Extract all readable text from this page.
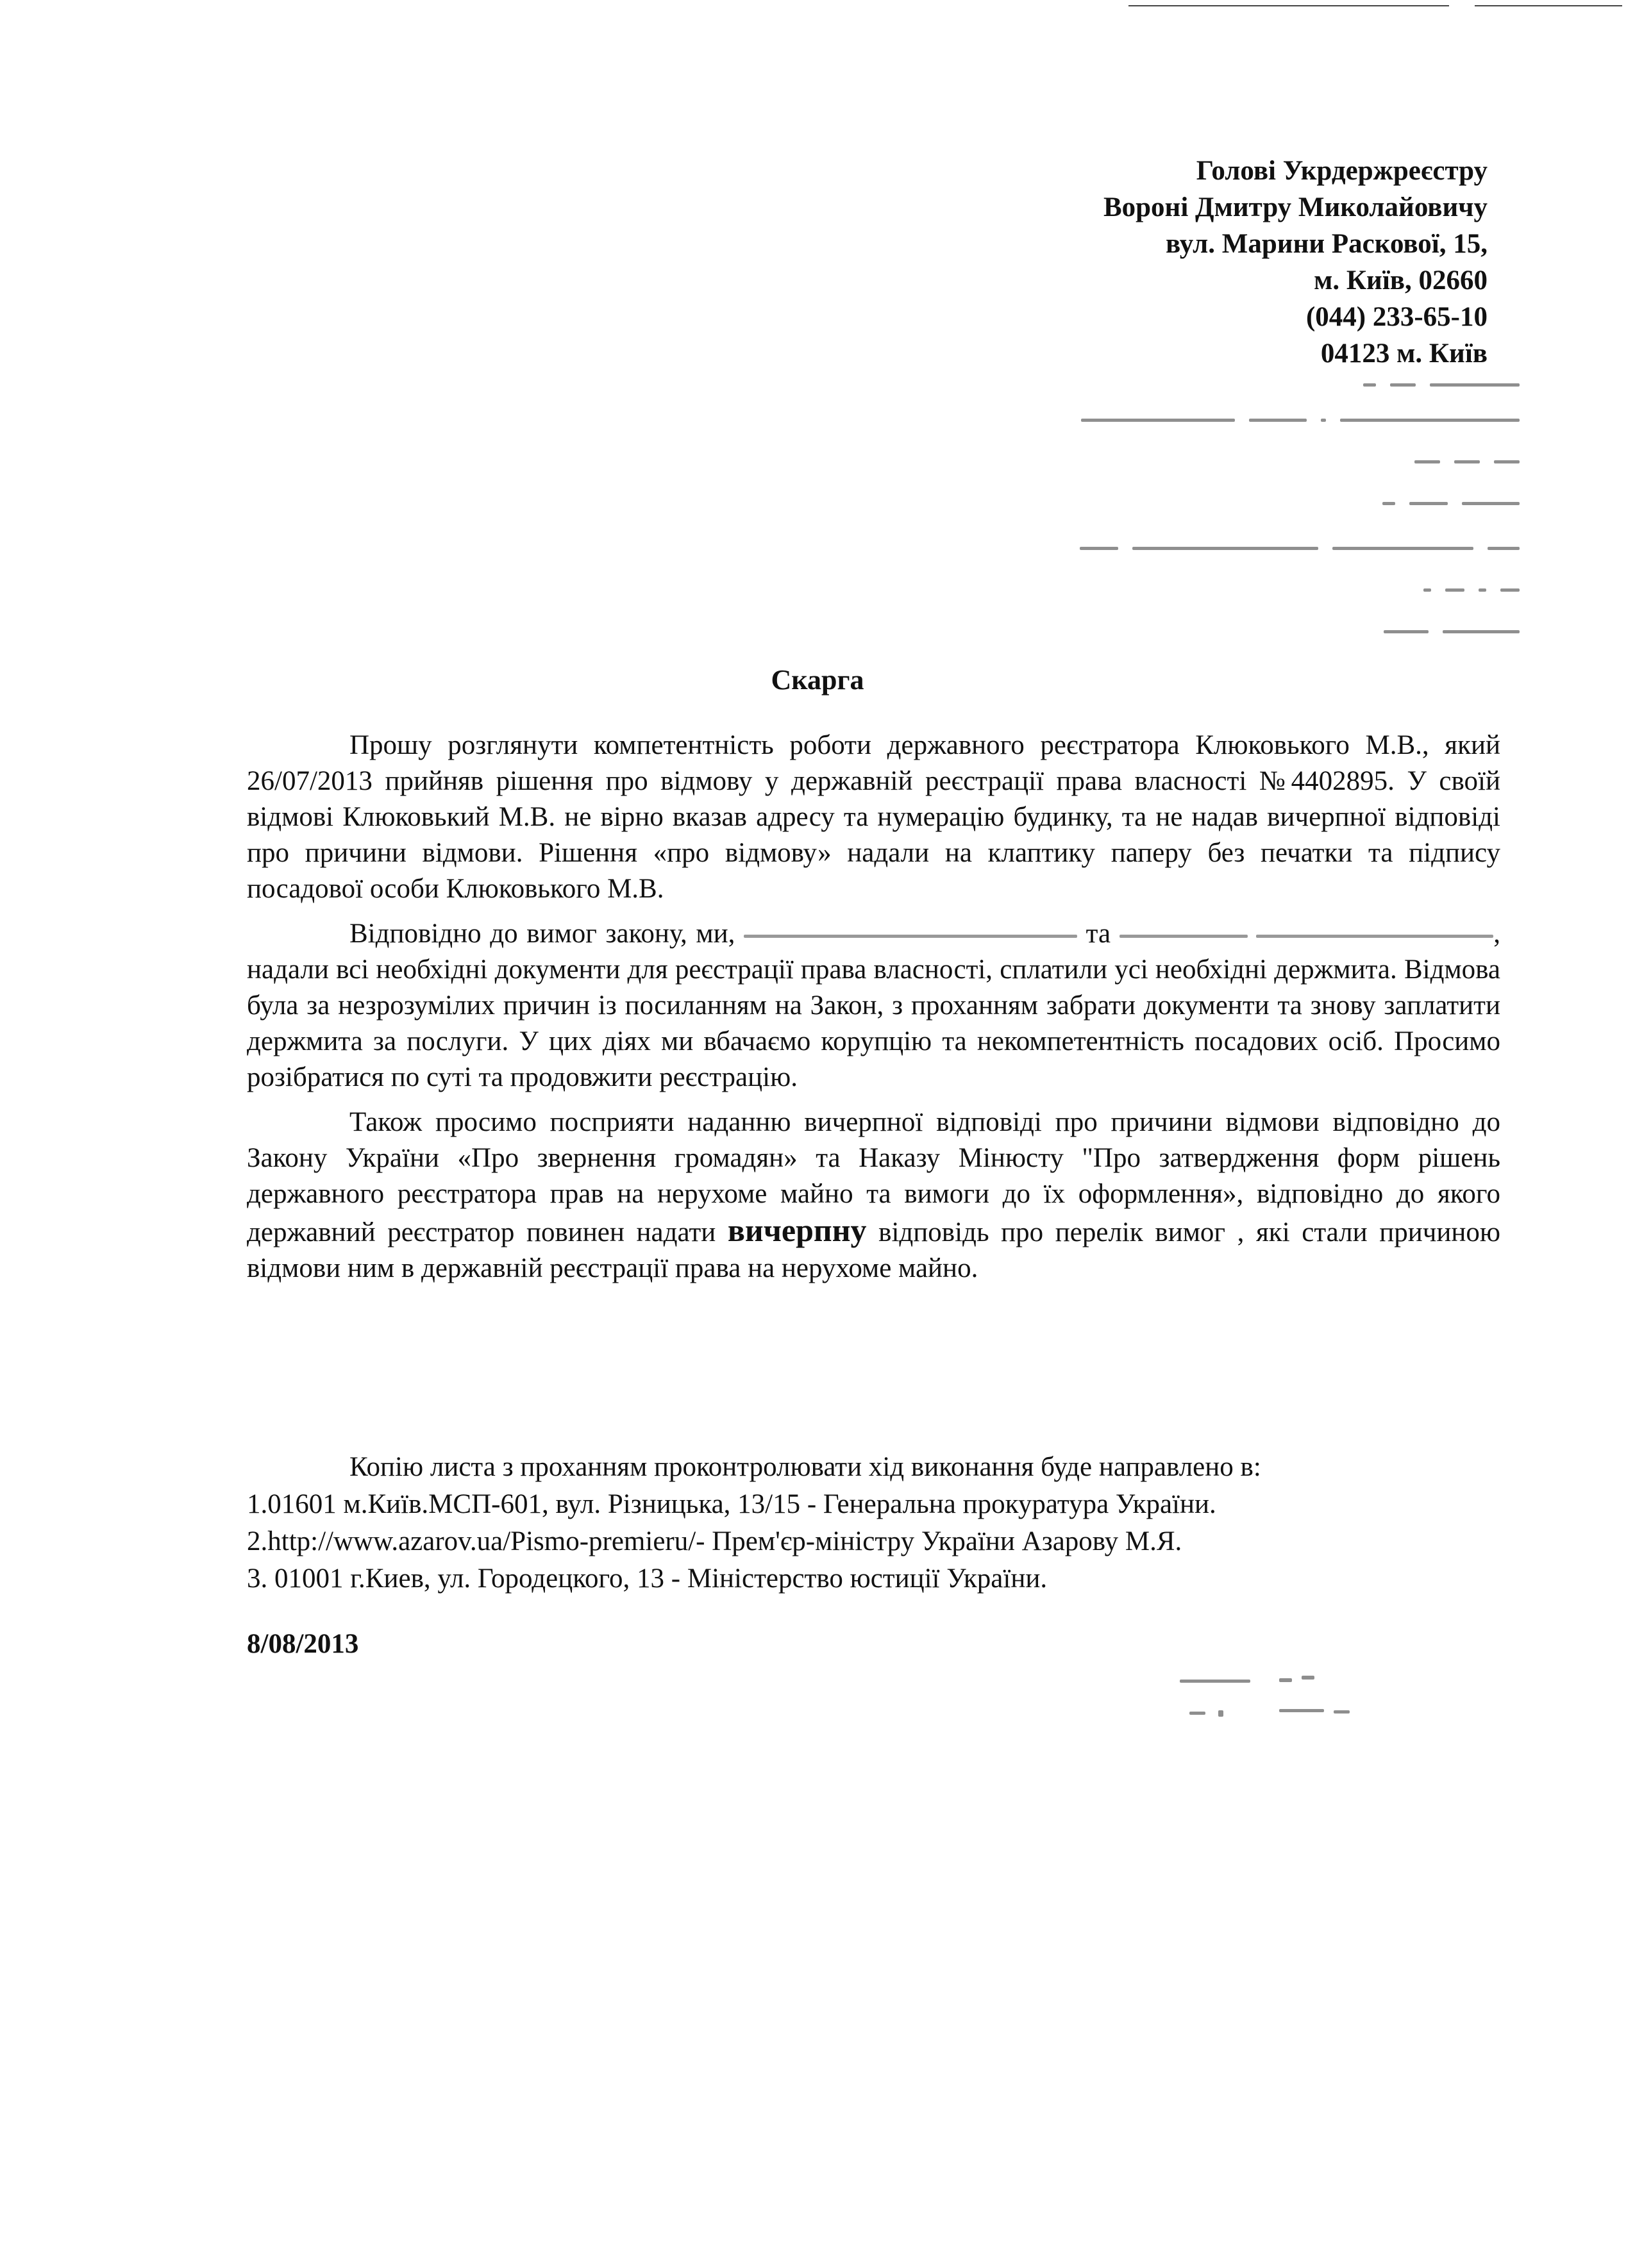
Голові Укрдержреєстру
Вороні Дмитру Миколайовичу
вул. Марини Раскової, 15,
м. Київ, 02660
(044) 233-65-10
04123 м. Київ
Скарга

Прошу розглянути компетентність роботи державного реєстратора Клюковького М.В., який 26/07/2013 прийняв рішення про відмову у державній реєстрації права власності №4402895. У своїй відмові Клюковький М.В. не вірно вказав адресу та нумерацію будинку, та не надав вичерпної відповіді про причини відмови. Рішення «про відмову» надали на клаптику паперу без печатки та підпису посадової особи Клюковького М.В.

Відповідно до вимог закону, ми,	та	, надали всі необхідні документи для реєстрації права власності, сплатили усі необхідні держмита. Відмова була за незрозумілих причин із посиланням на Закон, з проханням забрати документи та знову заплатити держмита за послуги. У цих діях ми вбачаємо корупцію та некомпетентність посадових осіб. Просимо розібратися по суті та продовжити реєстрацію.

Також просимо посприяти наданню вичерпної відповіді про причини відмови відповідно до Закону України «Про звернення громадян» та Наказу Мінюсту "Про затвердження форм рішень державного реєстратора прав на нерухоме майно та вимоги до їх оформлення», відповідно до якого державний реєстратор повинен надати вичерпну відповідь про перелік вимог , які стали причиною відмови ним в державній реєстрації права на нерухоме майно.

Копію листа з проханням проконтролювати хід виконання буде направлено в:
1.01601 м.Київ.МСП-601, вул. Різницька, 13/15 - Генеральна прокуратура України.
2.http://www.azarov.ua/Pismo-premieru/- Прем'єр-міністру України Азарову М.Я.
3. 01001 г.Киев, ул. Городецкого, 13 - Міністерство юстиції України.
8/08/2013
